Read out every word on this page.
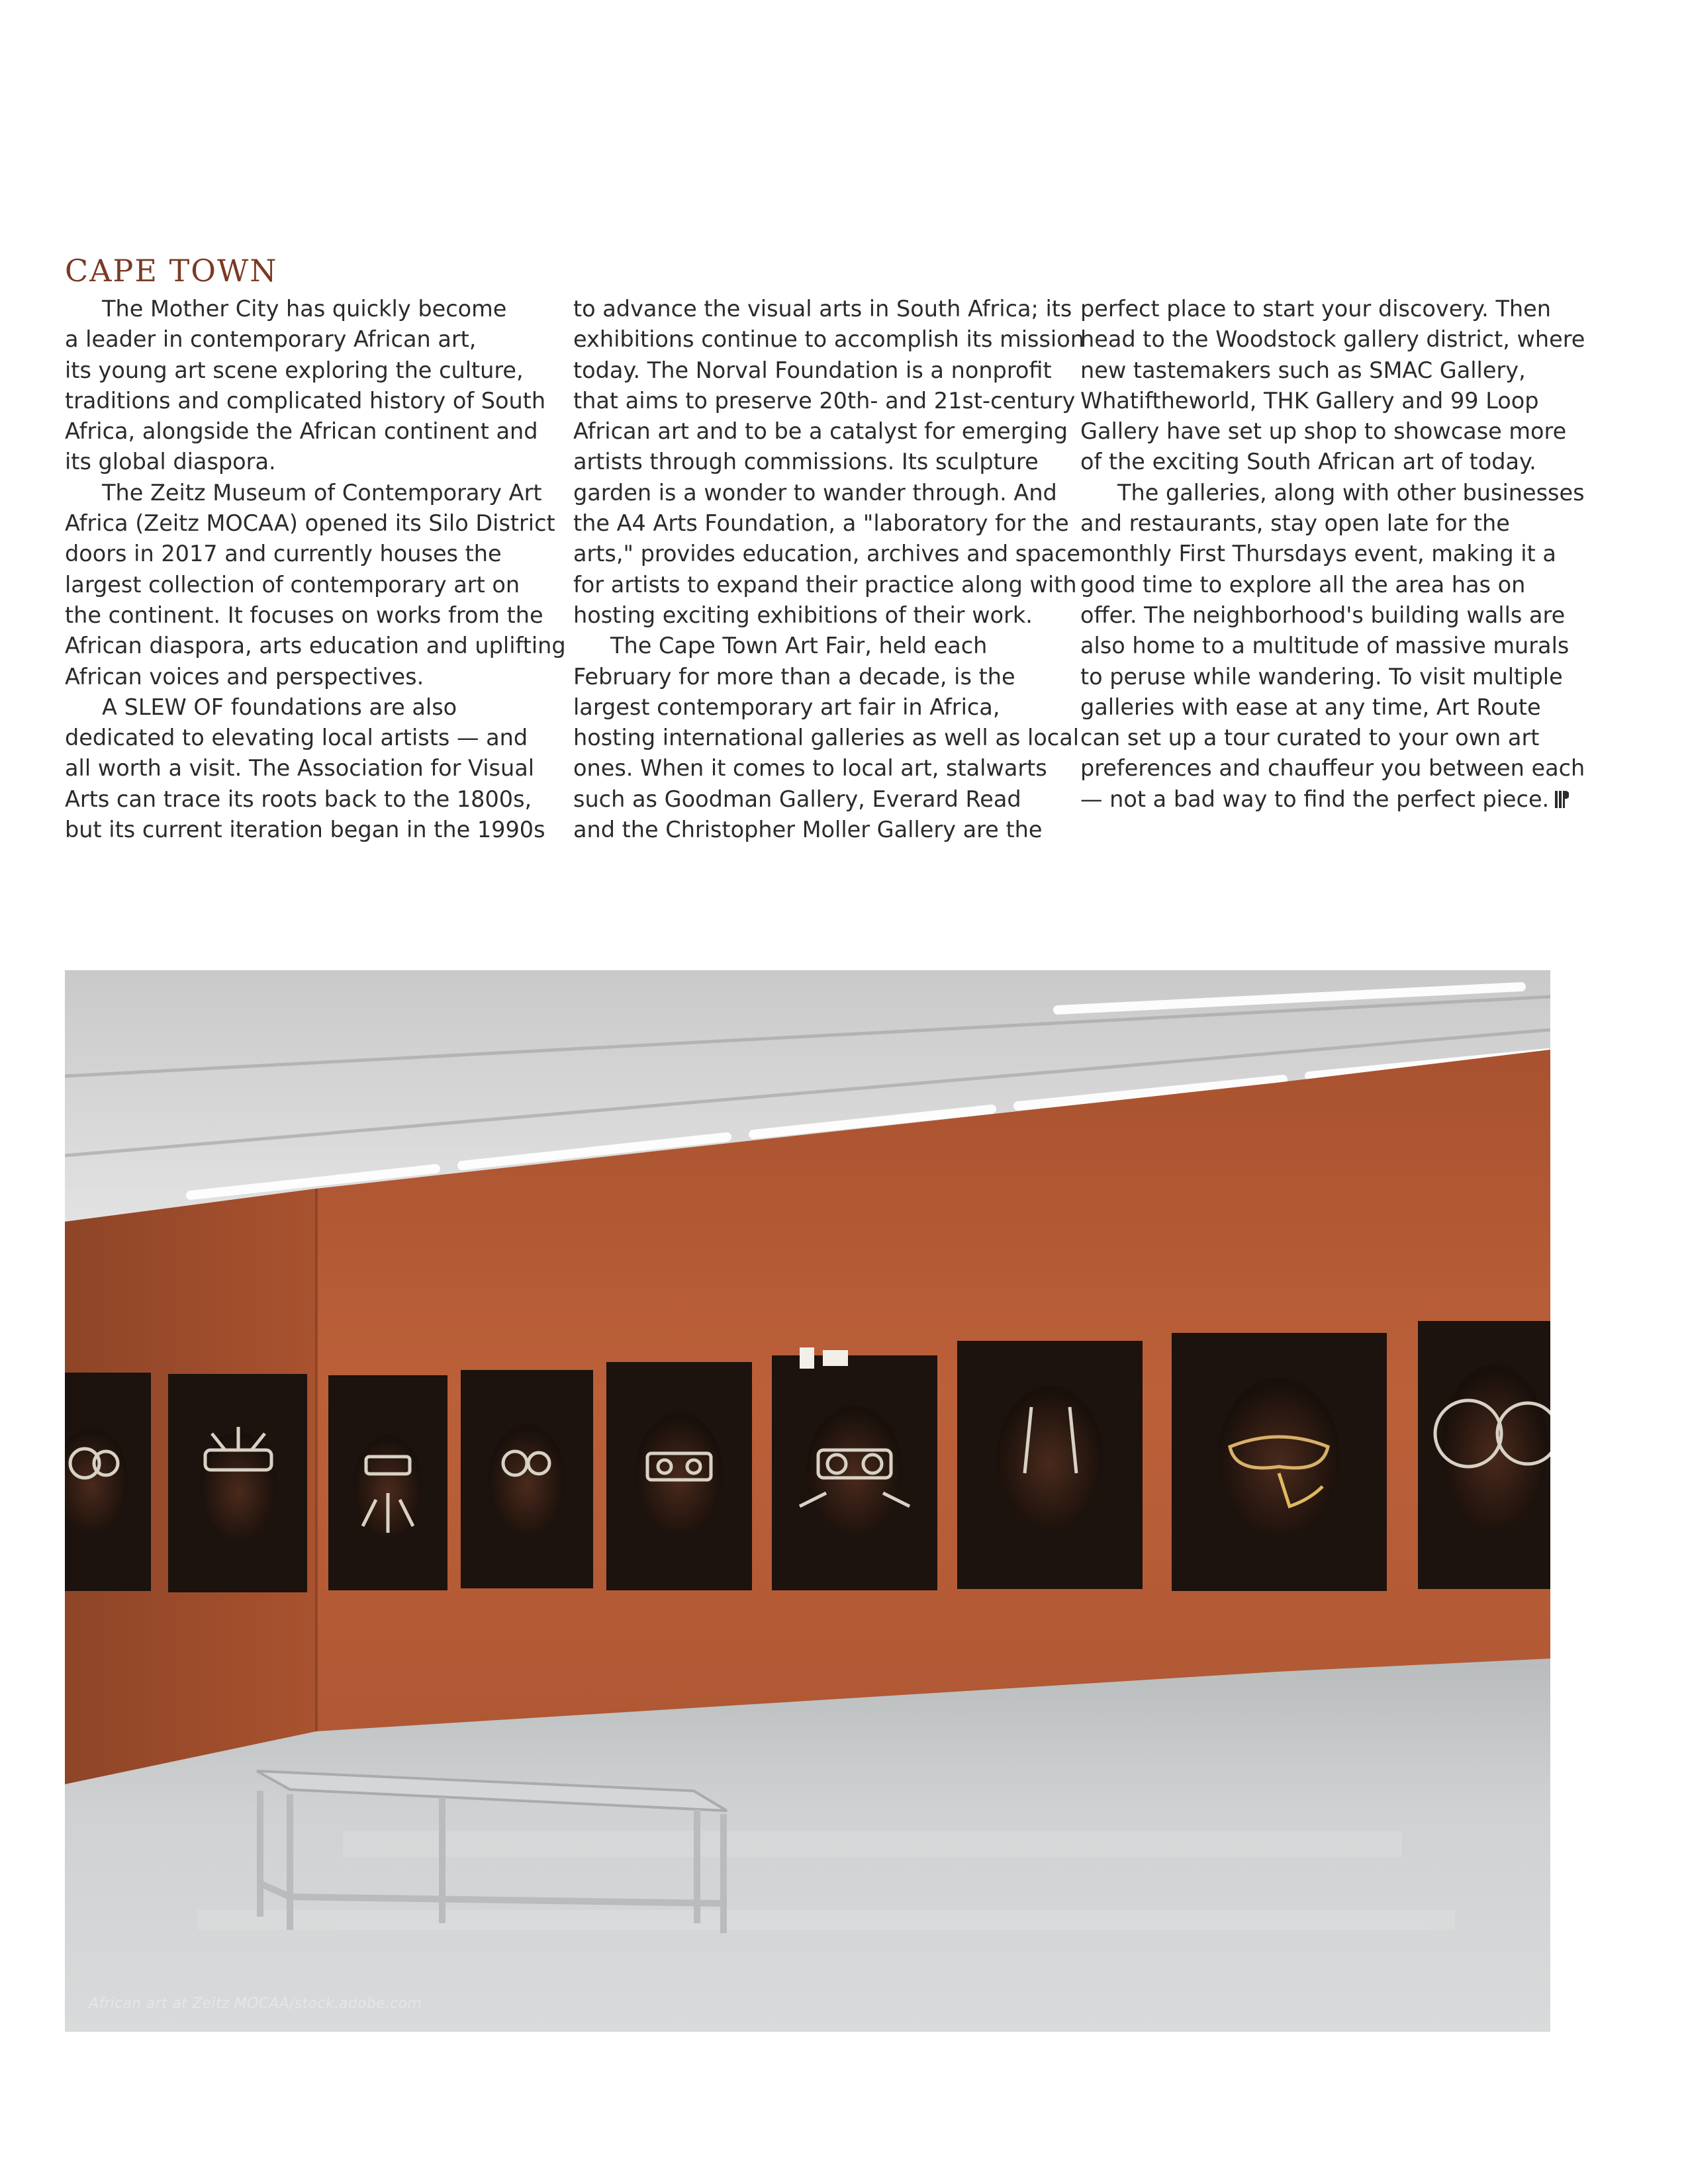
CAPE TOWN
The Mother City has quickly become
a leader in contemporary African art,
its young art scene exploring the culture,
traditions and complicated history of South
Africa, alongside the African continent and
its global diaspora.
The Zeitz Museum of Contemporary Art
Africa (Zeitz MOCAA) opened its Silo District
doors in 2017 and currently houses the
largest collection of contemporary art on
the continent. It focuses on works from the
African diaspora, arts education and uplifting
African voices and perspectives.
A SLEW OF foundations are also
dedicated to elevating local artists — and
all worth a visit. The Association for Visual
Arts can trace its roots back to the 1800s,
but its current iteration began in the 1990s
to advance the visual arts in South Africa; its
exhibitions continue to accomplish its mission
today. The Norval Foundation is a nonprofit
that aims to preserve 20th- and 21st-century
African art and to be a catalyst for emerging
artists through commissions. Its sculpture
garden is a wonder to wander through. And
the A4 Arts Foundation, a "laboratory for the
arts," provides education, archives and space
for artists to expand their practice along with
hosting exciting exhibitions of their work.
The Cape Town Art Fair, held each
February for more than a decade, is the
largest contemporary art fair in Africa,
hosting international galleries as well as local
ones. When it comes to local art, stalwarts
such as Goodman Gallery, Everard Read
and the Christopher Moller Gallery are the
perfect place to start your discovery. Then
head to the Woodstock gallery district, where
new tastemakers such as SMAC Gallery,
Whatiftheworld, THK Gallery and 99 Loop
Gallery have set up shop to showcase more
of the exciting South African art of today.
The galleries, along with other businesses
and restaurants, stay open late for the
monthly First Thursdays event, making it a
good time to explore all the area has on
offer. The neighborhood's building walls are
also home to a multitude of massive murals
to peruse while wandering. To visit multiple
galleries with ease at any time, Art Route
can set up a tour curated to your own art
preferences and chauffeur you between each
— not a bad way to find the perfect piece.
African art at Zeitz MOCAA/stock.adobe.com
